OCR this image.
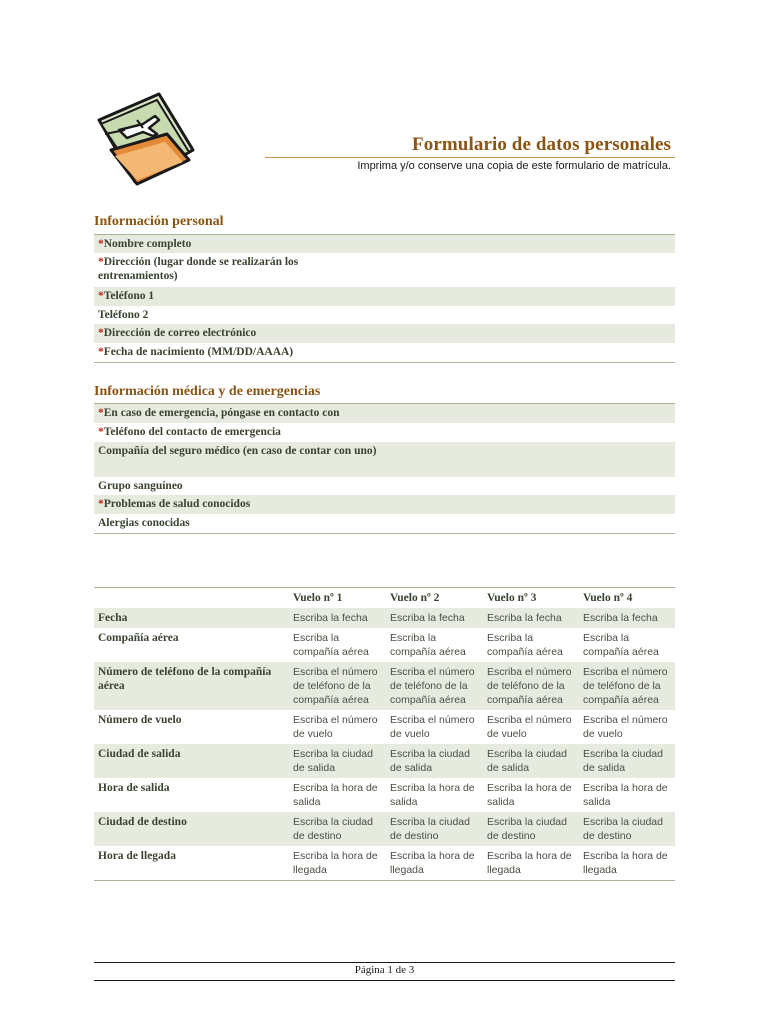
Formulario de datos personales
Imprima y/o conserve una copia de este formulario de matrícula.
Información personal
*Nombre completo
*Dirección (lugar donde se realizarán los entrenamientos)
*Teléfono 1
Teléfono 2
*Dirección de correo electrónico
*Fecha de nacimiento (MM/DD/AAAA)
Información médica y de emergencias
*En caso de emergencia, póngase en contacto con
*Teléfono del contacto de emergencia
Compañía del seguro médico (en caso de contar con uno)
Grupo sanguíneo
*Problemas de salud conocidos
Alergias conocidas
	Vuelo nº 1	Vuelo nº 2	Vuelo nº 3	Vuelo nº 4
Fecha	Escriba la fecha	Escriba la fecha	Escriba la fecha	Escriba la fecha
Compañía aérea	Escriba la compañía aérea	Escriba la compañía aérea	Escriba la compañía aérea	Escriba la compañía aérea
Número de teléfono de la compañía aérea	Escriba el número de teléfono de la compañía aérea	Escriba el número de teléfono de la compañía aérea	Escriba el número de teléfono de la compañía aérea	Escriba el número de teléfono de la compañía aérea
Número de vuelo	Escriba el número de vuelo	Escriba el número de vuelo	Escriba el número de vuelo	Escriba el número de vuelo
Ciudad de salida	Escriba la ciudad de salida	Escriba la ciudad de salida	Escriba la ciudad de salida	Escriba la ciudad de salida
Hora de salida	Escriba la hora de salida	Escriba la hora de salida	Escriba la hora de salida	Escriba la hora de salida
Ciudad de destino	Escriba la ciudad de destino	Escriba la ciudad de destino	Escriba la ciudad de destino	Escriba la ciudad de destino
Hora de llegada	Escriba la hora de llegada	Escriba la hora de llegada	Escriba la hora de llegada	Escriba la hora de llegada
Página 1 de 3
